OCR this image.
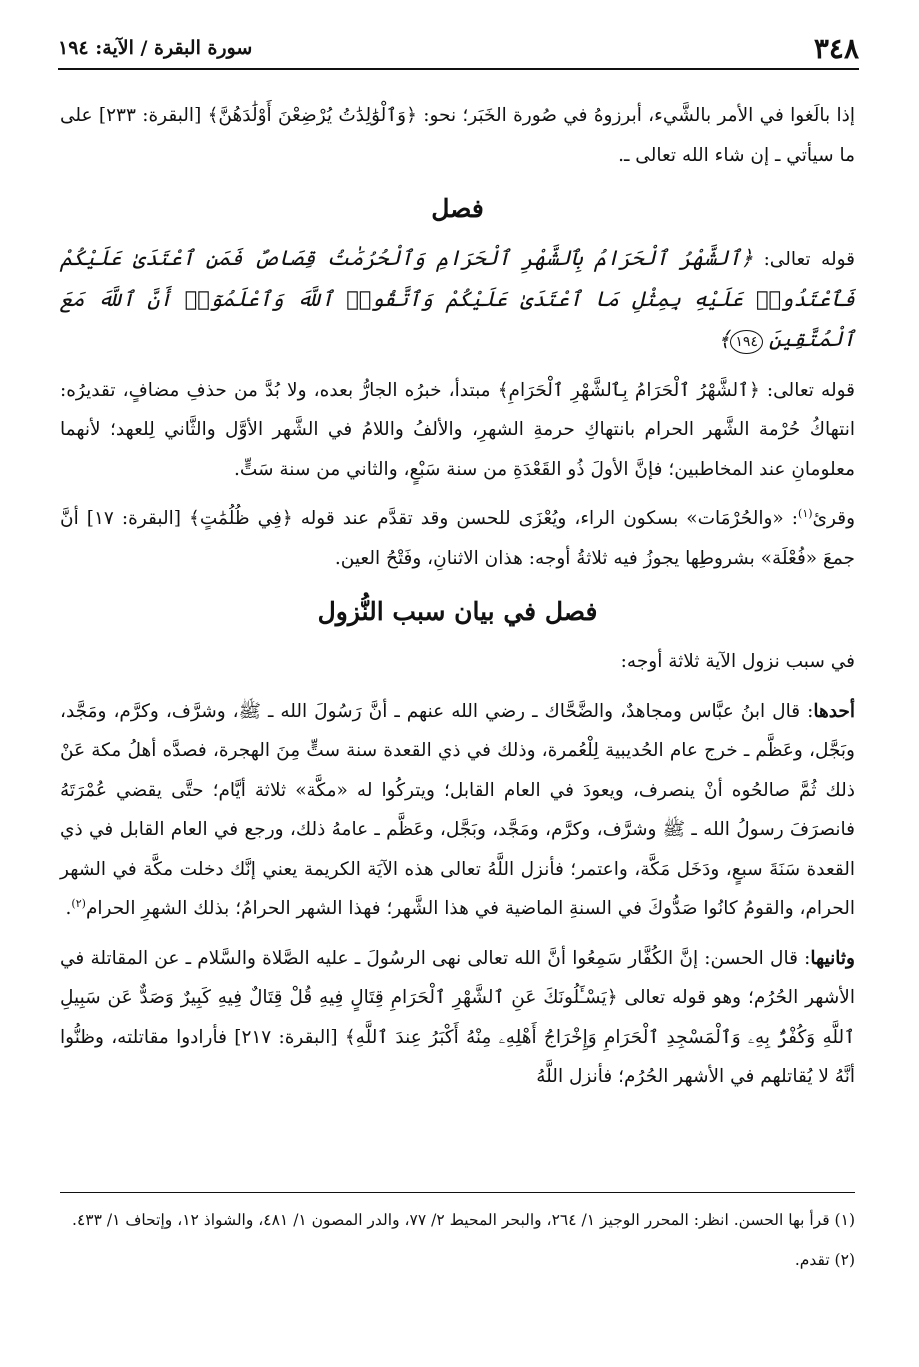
٣٤٨
سورة البقرة / الآية: ١٩٤

إذا بالَغوا في الأمر بالشَّيء، أبرزوهُ في صُورة الخَبَر؛ نحو: ﴿وَٱلْوَٰلِدَٰتُ يُرْضِعْنَ أَوْلَٰدَهُنَّ﴾ [البقرة: ٢٣٣] على ما سيأتي ـ إن شاء الله تعالى ـ.

فصل

قوله تعالى: ﴿ٱلشَّهْرُ ٱلْحَرَامُ بِٱلشَّهْرِ ٱلْحَرَامِ وَٱلْحُرُمَٰتُ قِصَاصٌ فَمَنِ ٱعْتَدَىٰ عَلَيْكُمْ فَٱعْتَدُوا۟ عَلَيْهِ بِمِثْلِ مَا ٱعْتَدَىٰ عَلَيْكُمْ وَٱتَّقُوا۟ ٱللَّهَ وَٱعْلَمُوٓا۟ أَنَّ ٱللَّهَ مَعَ ٱلْمُتَّقِينَ ١٩٤﴾

قوله تعالى: ﴿ٱلشَّهْرُ ٱلْحَرَامُ بِٱلشَّهْرِ ٱلْحَرَامِ﴾ مبتدأ، خبرُه الجارُّ بعده، ولا بُدَّ من حذفِ مضافٍ، تقديرُه: انتهاكُ حُرْمة الشَّهر الحرام بانتهاكِ حرمةِ الشهرِ، والألفُ واللامُ في الشَّهر الأوَّل والثَّاني لِلعهد؛ لأنهما معلومانِ عند المخاطبين؛ فإنَّ الأولَ ذُو القَعْدَةِ من سنة سَبْعٍ، والثاني من سنة سَتٍّ.

وقرئ$^{(١)}$: «والحُرْمَات» بسكون الراء، ويُعْزَى للحسن وقد تقدَّم عند قوله ﴿فِي ظُلُمَٰتٍ﴾ [البقرة: ١٧] أنَّ جمعَ «فُعْلَة» بشروطِها يجوزُ فيه ثلاثةُ أوجه: هذان الاثنانِ، وفَتْحُ العين.

فصل في بيان سبب النُّزول

في سبب نزول الآية ثلاثة أوجه:

أحدها: قال ابنُ عبَّاس ومجاهدٌ، والضَّحَّاك ـ رضي الله عنهم ـ أنَّ رَسُولَ الله ـ ﷺ، وشرَّف، وكرَّم، ومَجَّد، وبَجَّل، وعَظَّم ـ خرج عام الحُديبية لِلْعُمرة، وذلك في ذي القعدة سنة ستٍّ مِنَ الهجرة، فصدَّه أهلُ مكة عَنْ ذلك ثُمَّ صالحُوه أنْ ينصرف، ويعودَ في العام القابل؛ ويتركُوا له «مكَّة» ثلاثة أيَّام؛ حتَّى يقضي عُمْرَتَهُ فانصرَفَ رسولُ الله ـ ﷺ وشرَّف، وكرَّم، ومَجَّد، وبَجَّل، وعَظَّم ـ عامهُ ذلك، ورجع في العام القابل في ذي القعدة سَنَةَ سبعٍ، ودَخَل مَكَّة، واعتمر؛ فأنزل اللَّهُ تعالى هذه الآيَة الكريمة يعني إنَّك دخلت مكَّة في الشهر الحرام، والقومُ كانُوا صَدُّوكَ في السنةِ الماضية في هذا الشَّهر؛ فهذا الشهر الحرامُ؛ بذلك الشهرِ الحرام$^{(٢)}$.

وثانيها: قال الحسن: إنَّ الكُفَّار سَمِعُوا أنَّ الله تعالى نهى الرسُولَ ـ عليه الصَّلاة والسَّلام ـ عن المقاتلة في الأشهر الحُرُم؛ وهو قوله تعالى ﴿يَسْـَٔلُونَكَ عَنِ ٱلشَّهْرِ ٱلْحَرَامِ قِتَالٍ فِيهِ قُلْ قِتَالٌ فِيهِ كَبِيرٌ وَصَدٌّ عَن سَبِيلِ ٱللَّهِ وَكُفْرٌۢ بِهِۦ وَٱلْمَسْجِدِ ٱلْحَرَامِ وَإِخْرَاجُ أَهْلِهِۦ مِنْهُ أَكْبَرُ عِندَ ٱللَّهِ﴾ [البقرة: ٢١٧] فأرادوا مقاتلته، وظنُّوا أنَّهُ لا يُقاتلهم في الأشهر الحُرُم؛ فأنزل اللَّهُ

(١) قرأ بها الحسن. انظر: المحرر الوجيز ١/ ٢٦٤، والبحر المحيط ٢/ ٧٧، والدر المصون ١/ ٤٨١، والشواذ ١٢، وإتحاف ١/ ٤٣٣.

(٢) تقدم.
